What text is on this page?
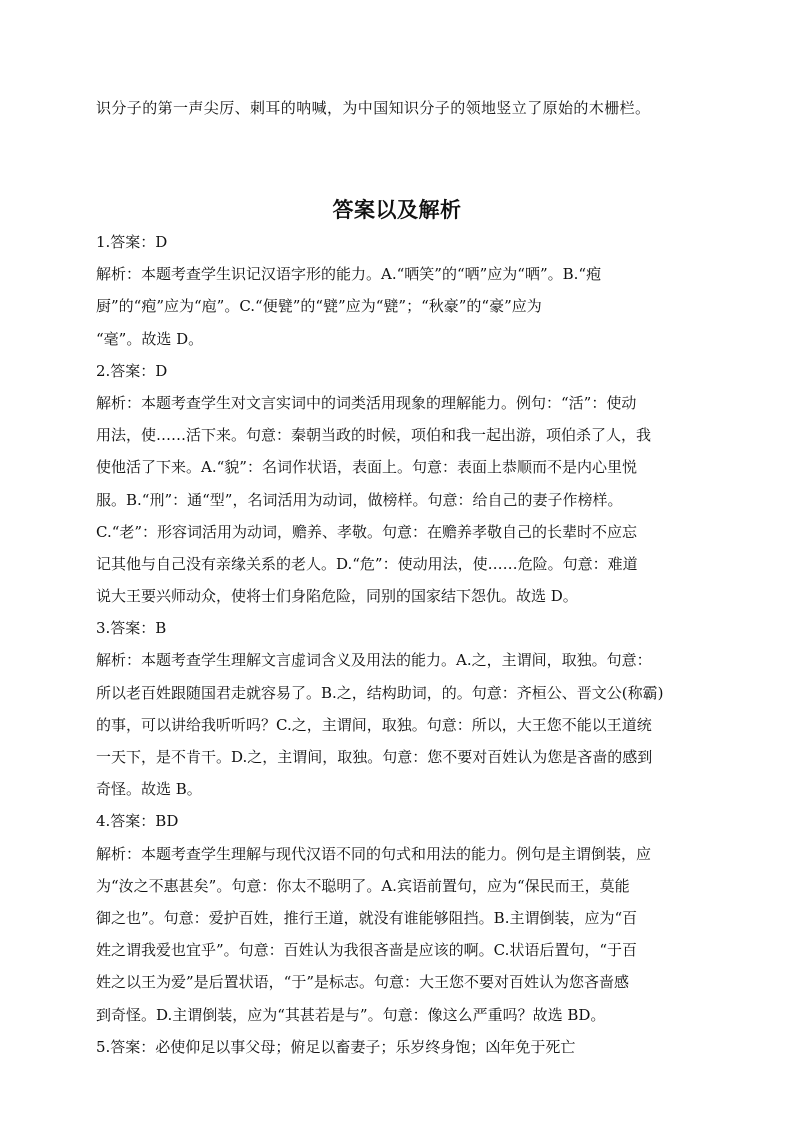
识分子的第一声尖厉、刺耳的呐喊，为中国知识分子的领地竖立了原始的木栅栏。
答案以及解析
1.答案：D
解析：本题考查学生识记汉语字形的能力。A.“哂笑”的“哂”应为“哂”。B.“疱
厨”的“疱”应为“庖”。C.“便甓”的“甓”应为“甓”；“秋豪”的“豪”应为
“毫”。故选 D。
2.答案：D
解析：本题考查学生对文言实词中的词类活用现象的理解能力。例句：“活”：使动
用法，使……活下来。句意：秦朝当政的时候，项伯和我一起出游，项伯杀了人，我
使他活了下来。A.“貌”：名词作状语，表面上。句意：表面上恭顺而不是内心里悦
服。B.“刑”：通“型”，名词活用为动词，做榜样。句意：给自己的妻子作榜样。
C.“老”：形容词活用为动词，赡养、孝敬。句意：在赡养孝敬自己的长辈时不应忘
记其他与自己没有亲缘关系的老人。D.“危”：使动用法，使……危险。句意：难道
说大王要兴师动众，使将士们身陷危险，同别的国家结下怨仇。故选 D。
3.答案：B
解析：本题考查学生理解文言虚词含义及用法的能力。A.之，主谓间，取独。句意：
所以老百姓跟随国君走就容易了。B.之，结构助词，的。句意：齐桓公、晋文公(称霸)
的事，可以讲给我听听吗？C.之，主谓间，取独。句意：所以，大王您不能以王道统
一天下，是不肯干。D.之，主谓间，取独。句意：您不要对百姓认为您是吝啬的感到
奇怪。故选 B。
4.答案：BD
解析：本题考查学生理解与现代汉语不同的句式和用法的能力。例句是主谓倒装，应
为“汝之不惠甚矣”。句意：你太不聪明了。A.宾语前置句，应为“保民而王，莫能
御之也”。句意：爱护百姓，推行王道，就没有谁能够阻挡。B.主谓倒装，应为“百
姓之谓我爱也宜乎”。句意：百姓认为我很吝啬是应该的啊。C.状语后置句，“于百
姓之以王为爱”是后置状语，“于”是标志。句意：大王您不要对百姓认为您吝啬感
到奇怪。D.主谓倒装，应为“其甚若是与”。句意：像这么严重吗？故选 BD。
5.答案：必使仰足以事父母；俯足以畜妻子；乐岁终身饱；凶年免于死亡
